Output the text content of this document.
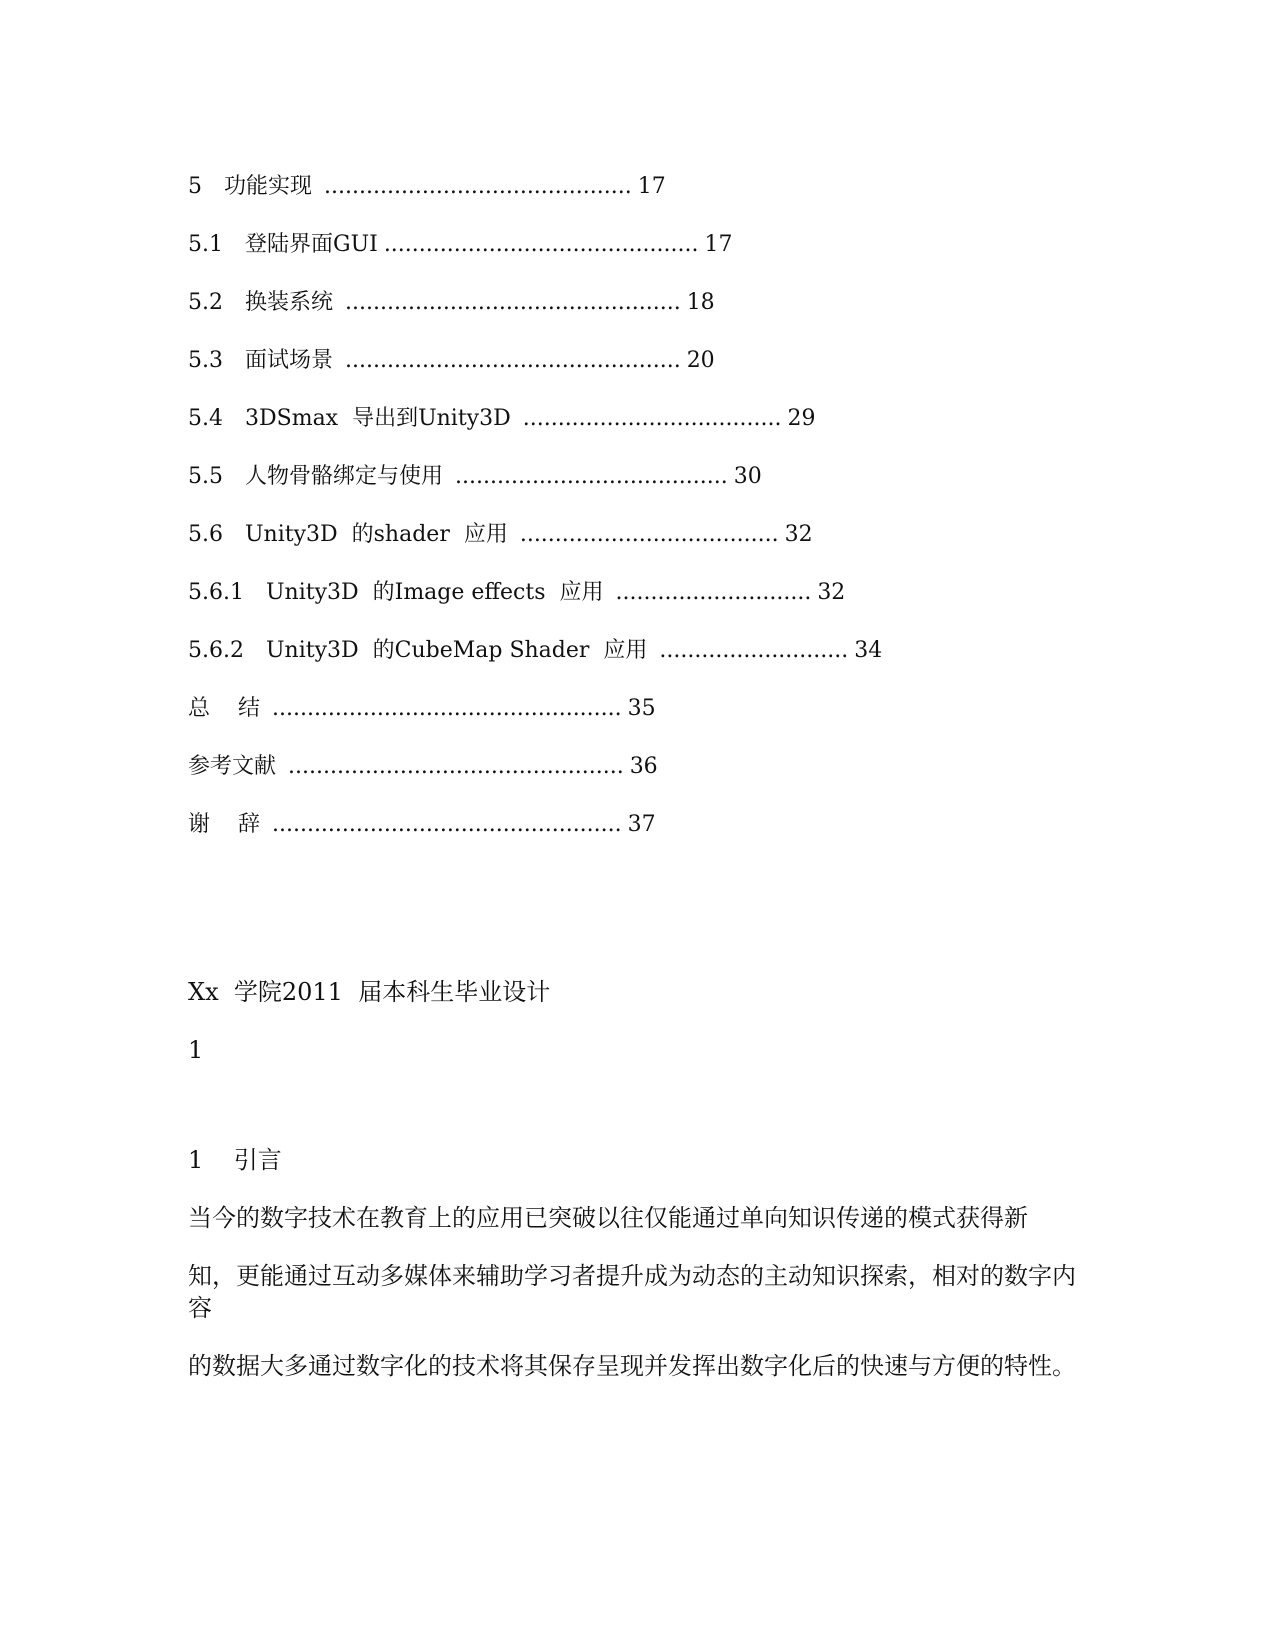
5 功能实现 ............................................ 17
5.1 登陆界面GUI ............................................. 17
5.2 换装系统 ................................................ 18
5.3 面试场景 ................................................ 20
5.4 3DSmax  导出到Unity3D ..................................... 29
5.5 人物骨骼绑定与使用 ....................................... 30
5.6 Unity3D  的shader  应用 ..................................... 32
5.6.1 Unity3D  的Image effects  应用 ............................ 32
5.6.2 Unity3D  的CubeMap Shader  应用 ........................... 34
总    结 .................................................. 35
参考文献 ................................................ 36
谢    辞 .................................................. 37
Xx  学院2011  届本科生毕业设计
1
1    引言
当今的数字技术在教育上的应用已突破以往仅能通过单向知识传递的模式获得新
知，更能通过互动多媒体来辅助学习者提升成为动态的主动知识探索，相对的数字内容
的数据大多通过数字化的技术将其保存呈现并发挥出数字化后的快速与方便的特性。
